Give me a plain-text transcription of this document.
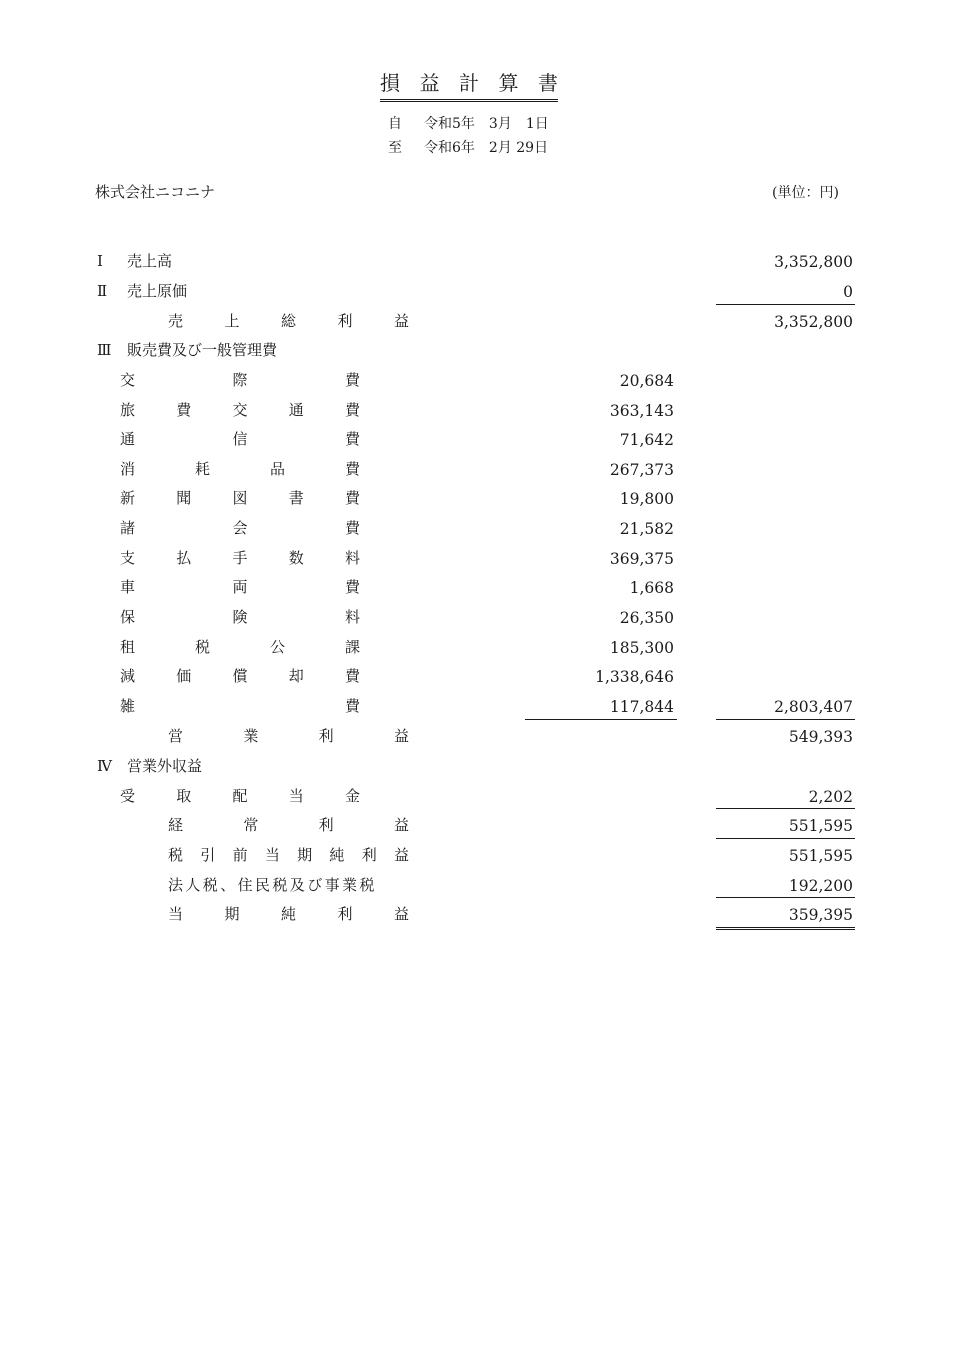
損益計算書
自 令和5年　3月　1日
至 令和6年　2月 29日
株式会社ニコニナ	(単位：円)
Ⅰ 売上高	3,352,800
Ⅱ 売上原価	0
売上総利益	3,352,800
Ⅲ 販売費及び一般管理費
交際費	20,684
旅費交通費	363,143
通信費	71,642
消耗品費	267,373
新聞図書費	19,800
諸会費	21,582
支払手数料	369,375
車両費	1,668
保険料	26,350
租税公課	185,300
減価償却費	1,338,646
雑費	117,844	2,803,407
営業利益	549,393
Ⅳ 営業外収益
受取配当金	2,202
経常利益	551,595
税引前当期純利益	551,595
法人税、住民税及び事業税	192,200
当期純利益	359,395
